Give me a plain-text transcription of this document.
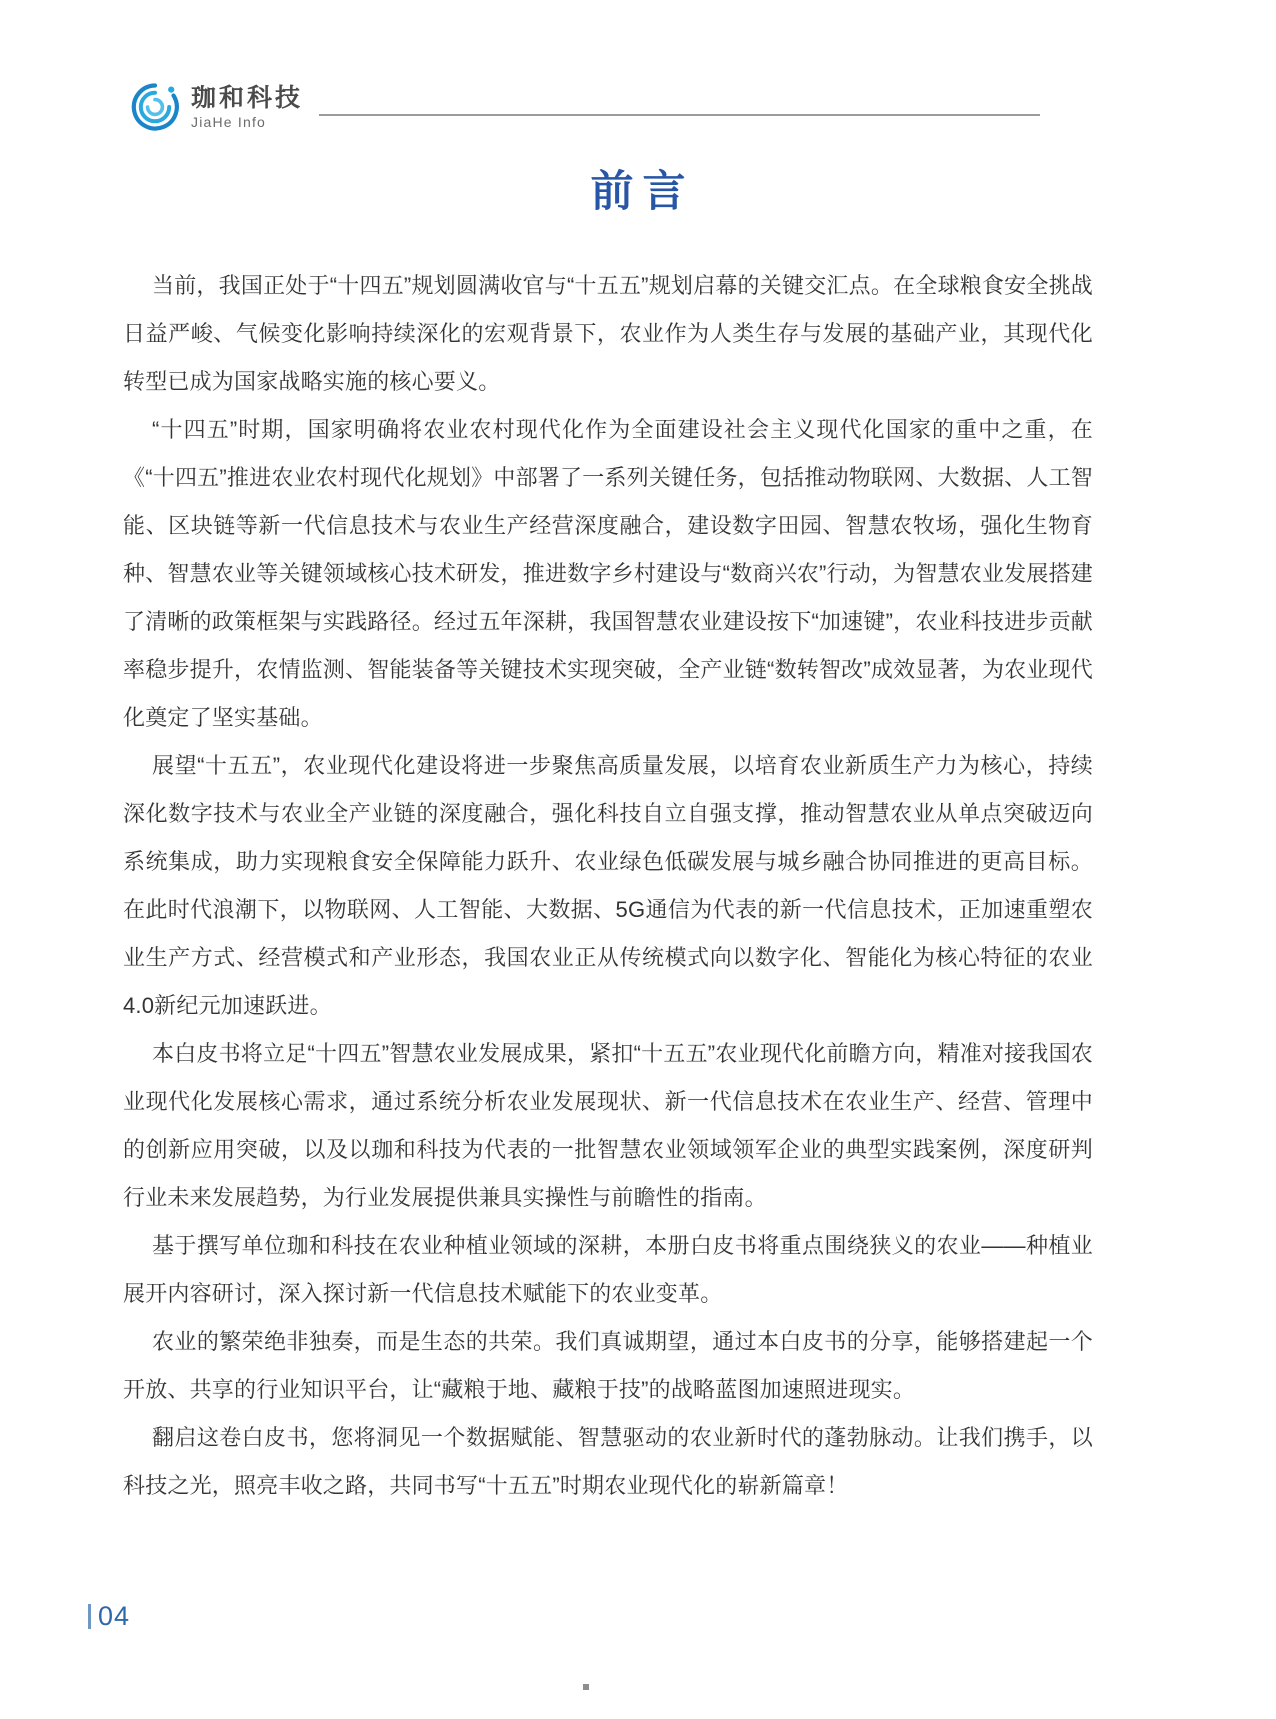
珈和科技
JiaHe Info
前言

当前，我国正处于“十四五”规划圆满收官与“十五五”规划启幕的关键交汇点。在全球粮食安全挑战日益严峻、气候变化影响持续深化的宏观背景下，农业作为人类生存与发展的基础产业，其现代化转型已成为国家战略实施的核心要义。

“十四五”时期，国家明确将农业农村现代化作为全面建设社会主义现代化国家的重中之重，在《“十四五”推进农业农村现代化规划》中部署了一系列关键任务，包括推动物联网、大数据、人工智能、区块链等新一代信息技术与农业生产经营深度融合，建设数字田园、智慧农牧场，强化生物育种、智慧农业等关键领域核心技术研发，推进数字乡村建设与“数商兴农”行动，为智慧农业发展搭建了清晰的政策框架与实践路径。经过五年深耕，我国智慧农业建设按下“加速键”，农业科技进步贡献率稳步提升，农情监测、智能装备等关键技术实现突破，全产业链“数转智改”成效显著，为农业现代化奠定了坚实基础。

展望“十五五”，农业现代化建设将进一步聚焦高质量发展，以培育农业新质生产力为核心，持续深化数字技术与农业全产业链的深度融合，强化科技自立自强支撑，推动智慧农业从单点突破迈向系统集成，助力实现粮食安全保障能力跃升、农业绿色低碳发展与城乡融合协同推进的更高目标。在此时代浪潮下，以物联网、人工智能、大数据、5G通信为代表的新一代信息技术，正加速重塑农业生产方式、经营模式和产业形态，我国农业正从传统模式向以数字化、智能化为核心特征的农业4.0新纪元加速跃进。

本白皮书将立足“十四五”智慧农业发展成果，紧扣“十五五”农业现代化前瞻方向，精准对接我国农业现代化发展核心需求，通过系统分析农业发展现状、新一代信息技术在农业生产、经营、管理中的创新应用突破，以及以珈和科技为代表的一批智慧农业领域领军企业的典型实践案例，深度研判行业未来发展趋势，为行业发展提供兼具实操性与前瞻性的指南。

基于撰写单位珈和科技在农业种植业领域的深耕，本册白皮书将重点围绕狭义的农业——种植业展开内容研讨，深入探讨新一代信息技术赋能下的农业变革。

农业的繁荣绝非独奏，而是生态的共荣。我们真诚期望，通过本白皮书的分享，能够搭建起一个开放、共享的行业知识平台，让“藏粮于地、藏粮于技”的战略蓝图加速照进现实。

翻启这卷白皮书，您将洞见一个数据赋能、智慧驱动的农业新时代的蓬勃脉动。让我们携手，以科技之光，照亮丰收之路，共同书写“十五五”时期农业现代化的崭新篇章！

04
